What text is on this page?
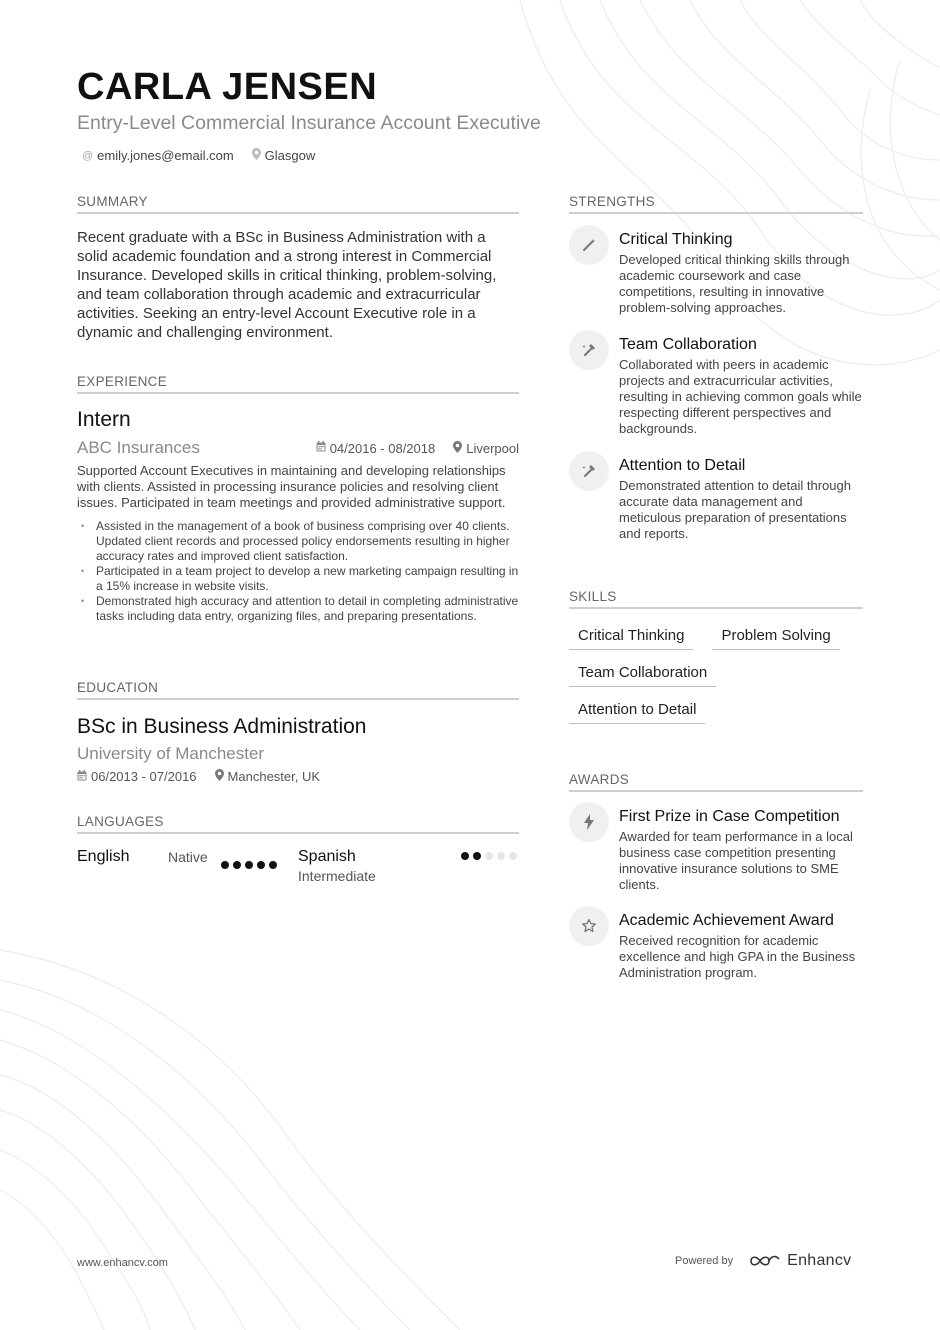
CARLA JENSEN
Entry-Level Commercial Insurance Account Executive
@ emily.jones@email.com Glasgow
SUMMARY
Recent graduate with a BSc in Business Administration with a solid academic foundation and a strong interest in Commercial Insurance. Developed skills in critical thinking, problem-solving, and team collaboration through academic and extracurricular activities. Seeking an entry-level Account Executive role in a dynamic and challenging environment.
EXPERIENCE
Intern
ABC Insurances	04/2016 - 08/2018 Liverpool
Supported Account Executives in maintaining and developing relationships with clients. Assisted in processing insurance policies and resolving client issues. Participated in team meetings and provided administrative support.
• Assisted in the management of a book of business comprising over 40 clients. Updated client records and processed policy endorsements resulting in higher accuracy rates and improved client satisfaction.
• Participated in a team project to develop a new marketing campaign resulting in a 15% increase in website visits.
• Demonstrated high accuracy and attention to detail in completing administrative tasks including data entry, organizing files, and preparing presentations.
EDUCATION
BSc in Business Administration
University of Manchester
06/2013 - 07/2016 Manchester, UK
LANGUAGES
English	Native	Spanish
Intermediate
STRENGTHS
Critical Thinking
Developed critical thinking skills through academic coursework and case competitions, resulting in innovative problem-solving approaches.
Team Collaboration
Collaborated with peers in academic projects and extracurricular activities, resulting in achieving common goals while respecting different perspectives and backgrounds.
Attention to Detail
Demonstrated attention to detail through accurate data management and meticulous preparation of presentations and reports.
SKILLS
Critical Thinking	Problem Solving
Team Collaboration
Attention to Detail
AWARDS
First Prize in Case Competition
Awarded for team performance in a local business case competition presenting innovative insurance solutions to SME clients.
Academic Achievement Award
Received recognition for academic excellence and high GPA in the Business Administration program.
www.enhancv.com	Powered by	Enhancv
